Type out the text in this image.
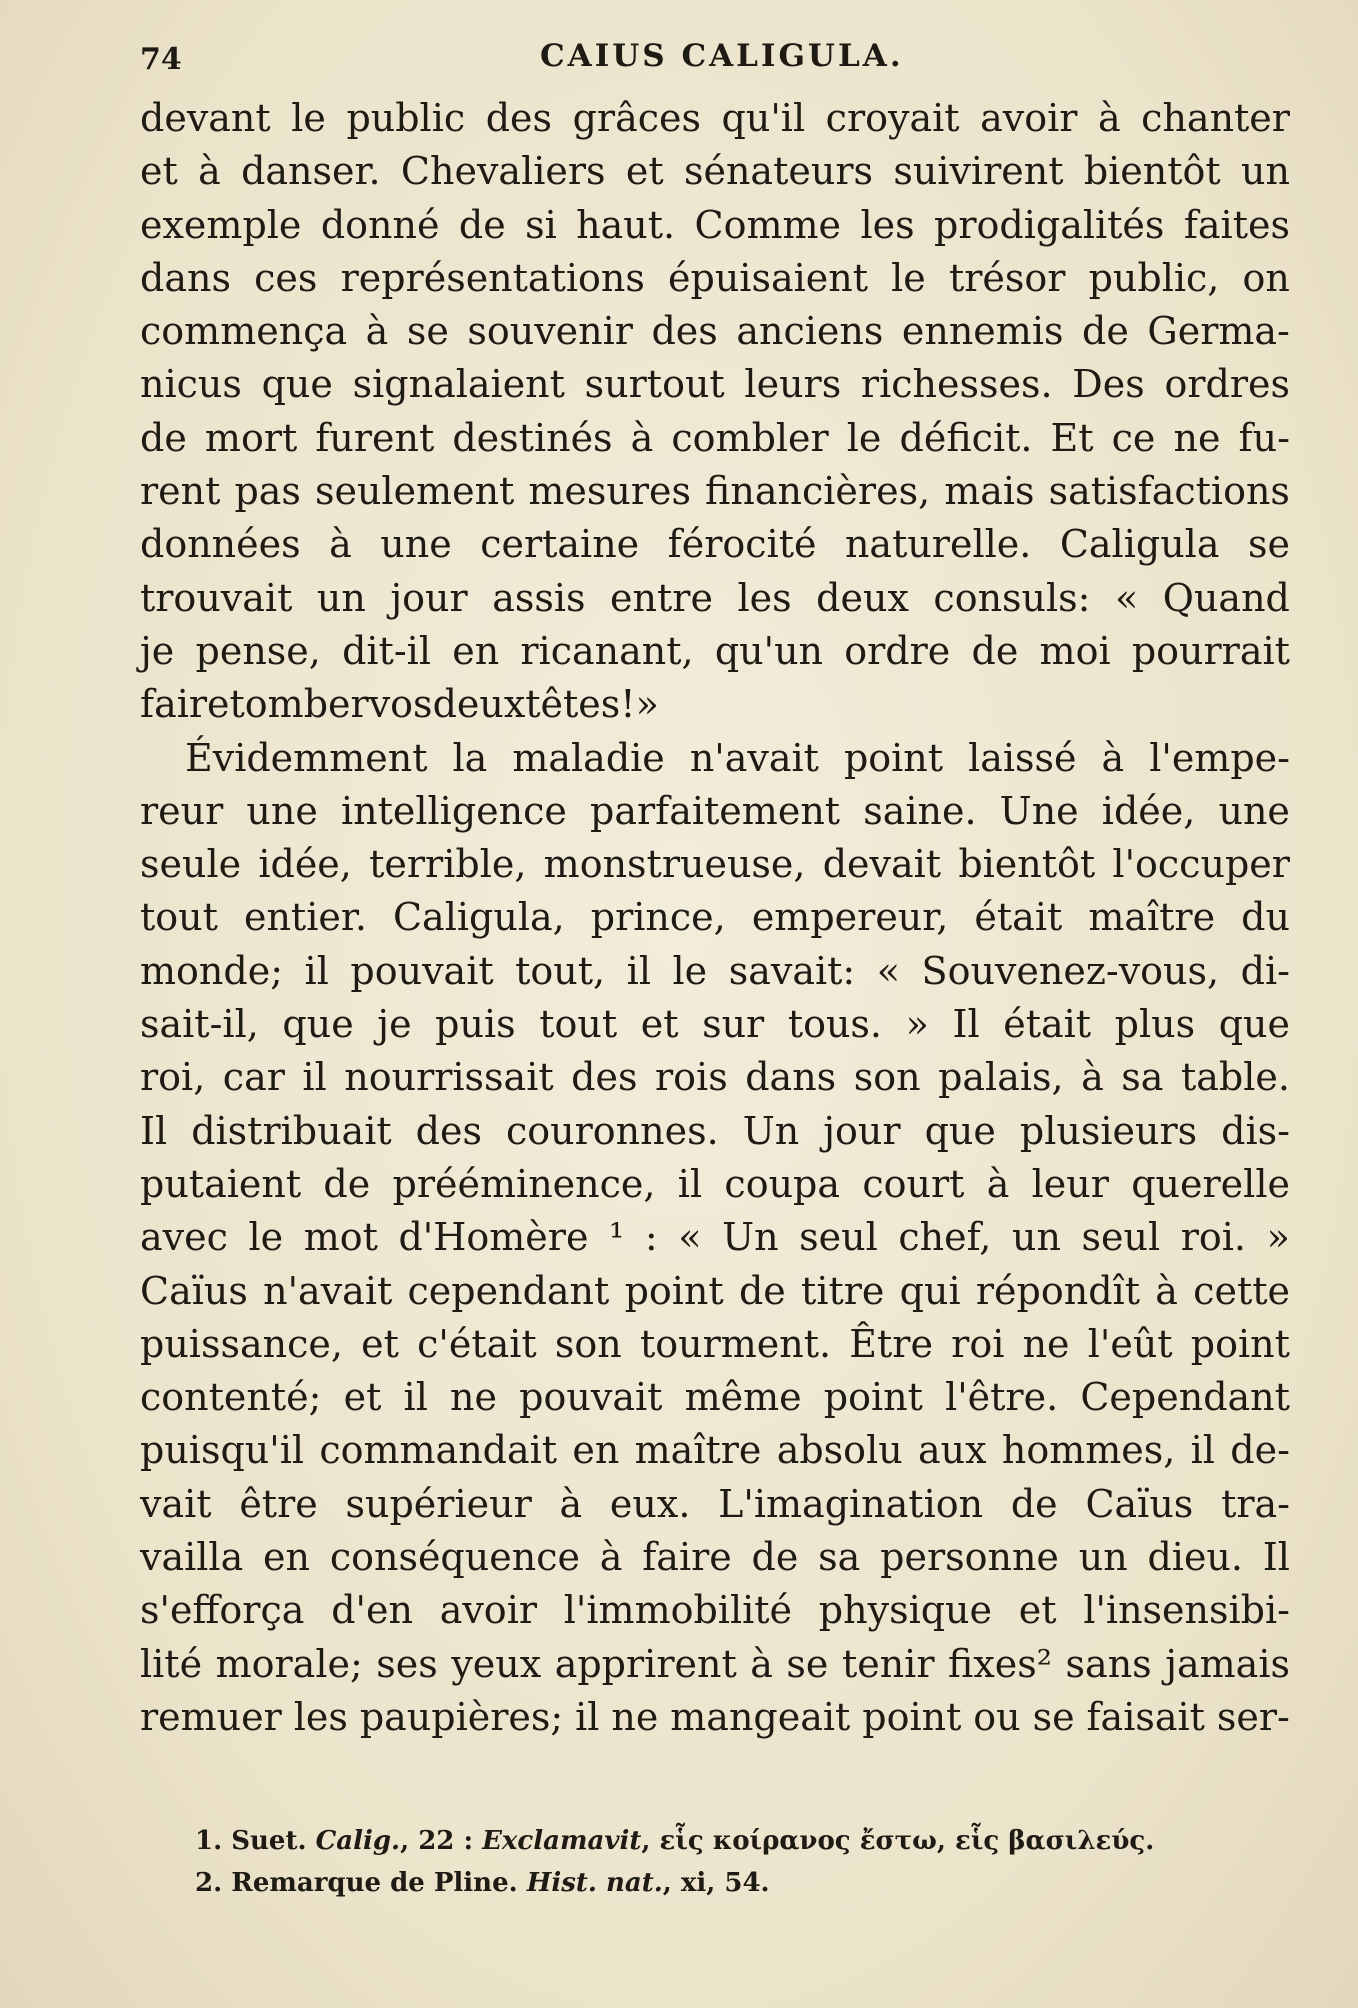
74	CAIUS CALIGULA.
devant le public des grâces qu'il croyait avoir à chanter
et à danser. Chevaliers et sénateurs suivirent bientôt un
exemple donné de si haut. Comme les prodigalités faites
dans ces représentations épuisaient le trésor public, on
commença à se souvenir des anciens ennemis de Germa-
nicus que signalaient surtout leurs richesses. Des ordres
de mort furent destinés à combler le déficit. Et ce ne fu-
rent pas seulement mesures financières, mais satisfactions
données à une certaine férocité naturelle. Caligula se
trouvait un jour assis entre les deux consuls: « Quand
je pense, dit-il en ricanant, qu'un ordre de moi pourrait
faire tomber vos deux têtes! »
Évidemment la maladie n'avait point laissé à l'empe-
reur une intelligence parfaitement saine. Une idée, une
seule idée, terrible, monstrueuse, devait bientôt l'occuper
tout entier. Caligula, prince, empereur, était maître du
monde; il pouvait tout, il le savait: « Souvenez-vous, di-
sait-il, que je puis tout et sur tous. » Il était plus que
roi, car il nourrissait des rois dans son palais, à sa table.
Il distribuait des couronnes. Un jour que plusieurs dis-
putaient de prééminence, il coupa court à leur querelle
avec le mot d'Homère ¹ : « Un seul chef, un seul roi. »
Caïus n'avait cependant point de titre qui répondît à cette
puissance, et c'était son tourment. Être roi ne l'eût point
contenté; et il ne pouvait même point l'être. Cependant
puisqu'il commandait en maître absolu aux hommes, il de-
vait être supérieur à eux. L'imagination de Caïus tra-
vailla en conséquence à faire de sa personne un dieu. Il
s'efforça d'en avoir l'immobilité physique et l'insensibi-
lité morale; ses yeux apprirent à se tenir fixes² sans jamais
remuer les paupières; il ne mangeait point ou se faisait ser-
1. Suet. Calig., 22 : Exclamavit, εἷς κοίρανος ἔστω, εἷς βασιλεύς.
2. Remarque de Pline. Hist. nat., xi, 54.
